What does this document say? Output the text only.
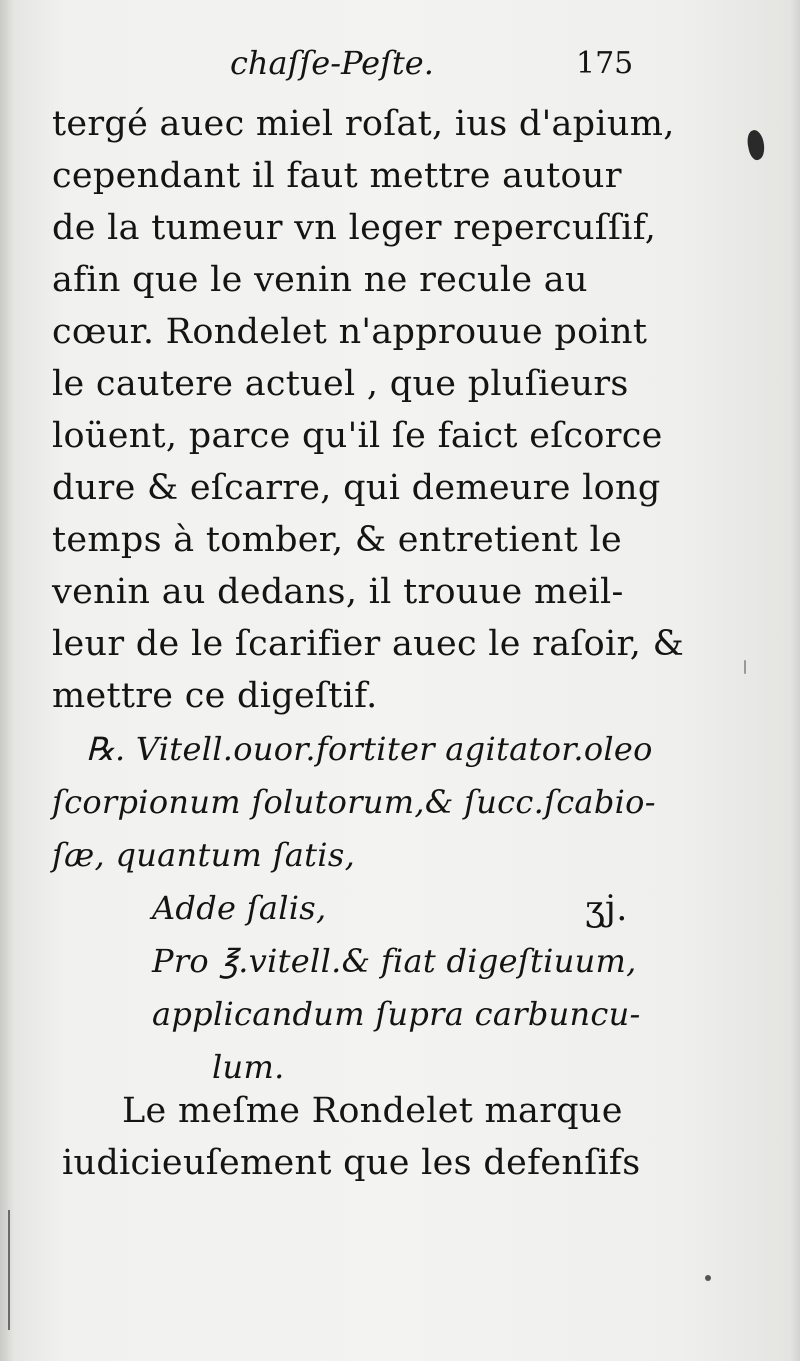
chaſſe-Peſte.	175
tergé auec miel roſat, ius d'apium,
cependant il faut mettre autour
de la tumeur vn leger repercuſſif,
afin que le venin ne recule au
cœur. Rondelet n'approuue point
le cautere actuel , que pluſieurs
loüent, parce qu'il ſe faict eſcorce
dure & eſcarre, qui demeure long
temps à tomber, & entretient le
venin au dedans, il trouue meil-
leur de le ſcarifier auec le raſoir, &
mettre ce digeſtif.
℞. Vitell.ouor.fortiter agitator.oleo
ſcorpionum ſolutorum,& ſucc.ſcabio-
ſæ, quantum ſatis,
Adde ſalis,	ʒj.
Pro ℥.vitell.& fiat digeſtiuum,
applicandum ſupra carbuncu-
lum.
Le meſme Rondelet marque
iudicieuſement que les defenſifs
